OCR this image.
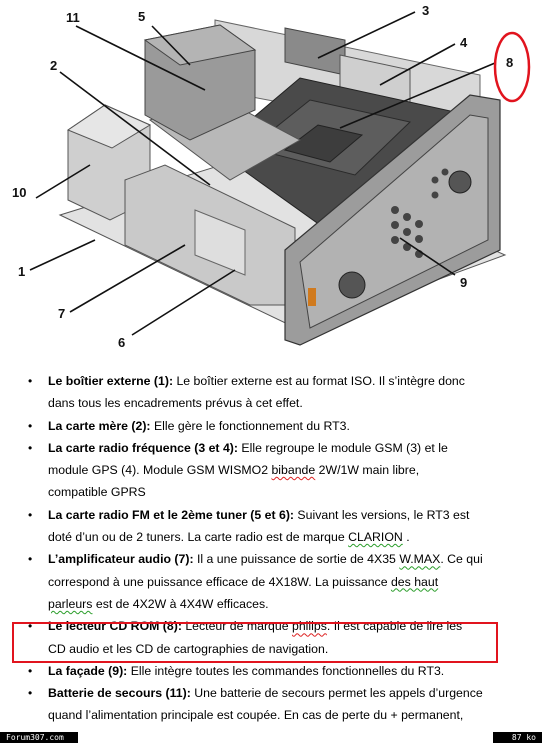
11	5	3
4
2	8
10
1
9
7
6
• Le boîtier externe (1): Le boîtier externe est au format ISO. Il s’intègre donc
dans tous les encadrements prévus à cet effet.
• La carte mère (2): Elle gère le fonctionnement du RT3.
• La carte radio fréquence (3 et 4): Elle regroupe le module GSM (3) et le
module GPS (4). Module GSM WISMO2 bibande 2W/1W main libre,
compatible GPRS
• La carte radio FM et le 2ème tuner (5 et 6): Suivant les versions, le RT3 est
doté d’un ou de 2 tuners. La carte radio est de marque CLARION .
• L’amplificateur audio (7): Il a une puissance de sortie de 4X35 W.MAX. Ce qui
correspond à une puissance efficace de 4X18W. La puissance des haut
parleurs est de 4X2W à 4X4W efficaces.
• Le lecteur CD ROM (8): Lecteur de marque philips. Il est capable de lire les
CD audio et les CD de cartographies de navigation.
• La façade (9): Elle intègre toutes les commandes fonctionnelles du RT3.
• Batterie de secours (11): Une batterie de secours permet les appels d’urgence
quand l’alimentation principale est coupée. En cas de perte du + permanent,
Forum307.com	87 ko
